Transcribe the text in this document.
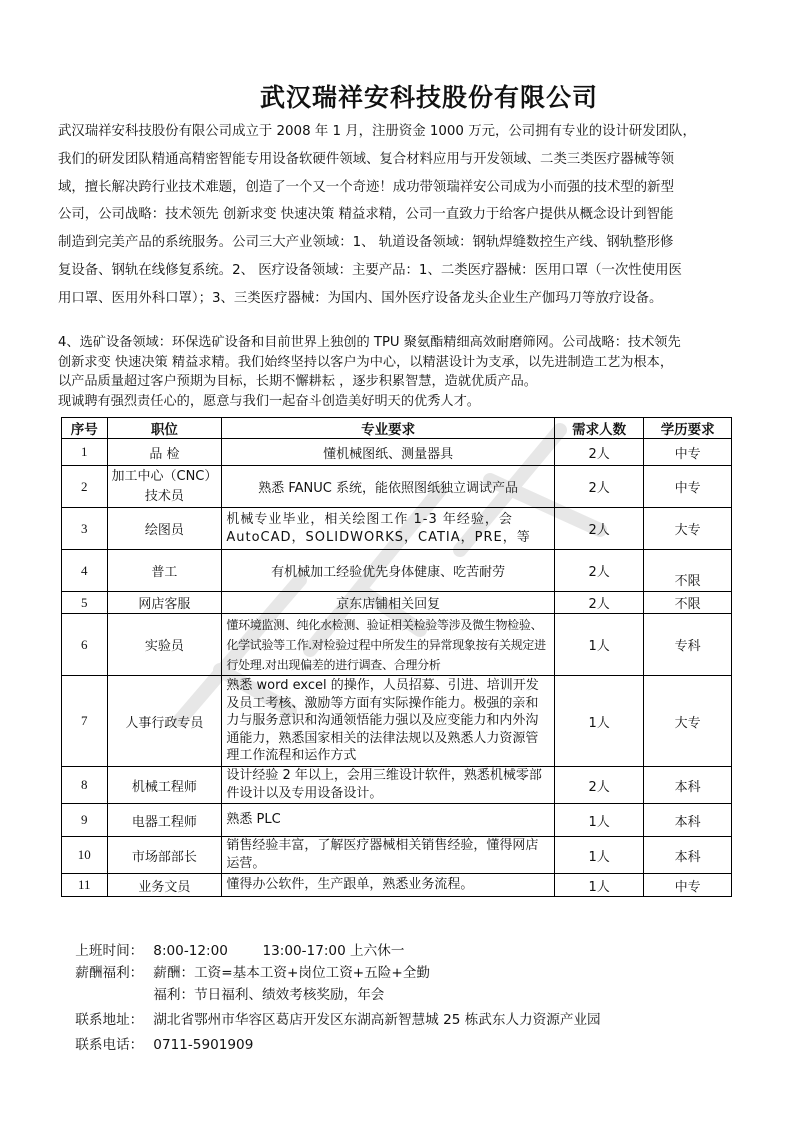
武汉瑞祥安科技股份有限公司

武汉瑞祥安科技股份有限公司成立于 2008 年 1 月，注册资金 1000 万元，公司拥有专业的设计研发团队，

我们的研发团队精通高精密智能专用设备软硬件领域、复合材料应用与开发领域、二类三类医疗器械等领

域，擅长解决跨行业技术难题，创造了一个又一个奇迹！成功带领瑞祥安公司成为小而强的技术型的新型

公司，公司战略：技术领先 创新求变 快速决策 精益求精，公司一直致力于给客户提供从概念设计到智能

制造到完美产品的系统服务。公司三大产业领域：1、 轨道设备领域：钢轨焊缝数控生产线、钢轨整形修

复设备、钢轨在线修复系统。2、 医疗设备领域：主要产品：1、二类医疗器械：医用口罩（一次性使用医

用口罩、医用外科口罩）；3、三类医疗器械：为国内、国外医疗设备龙头企业生产伽玛刀等放疗设备。

4、选矿设备领域：环保选矿设备和目前世界上独创的 TPU 聚氨酯精细高效耐磨筛网。公司战略：技术领先

创新求变 快速决策 精益求精。我们始终坚持以客户为中心，以精湛设计为支承，以先进制造工艺为根本，

以产品质量超过客户预期为目标，长期不懈耕耘 ，逐步积累智慧，造就优质产品。

现诚聘有强烈责任心的，愿意与我们一起奋斗创造美好明天的优秀人才。

序号	职位	专业要求	需求人数	学历要求
1	品 检	懂机械图纸、测量器具	2人	中专
2	加工中心（CNC）技术员	熟悉 FANUC 系统，能依照图纸独立调试产品	2人	中专
3	绘图员	机械专业毕业，相关绘图工作 1-3 年经验，会 AutoCAD，SOLIDWORKS，CATIA，PRE，等	2人	大专
4	普工	有机械加工经验优先身体健康、吃苦耐劳	2人	不限
5	网店客服	京东店铺相关回复	2人	不限
6	实验员	懂环境监测、纯化水检测、验证相关检验等涉及微生物检验、化学试验等工作.对检验过程中所发生的异常现象按有关规定进行处理.对出现偏差的进行调查、合理分析	1人	专科
7	人事行政专员	熟悉 word excel 的操作，人员招募、引进、培训开发及员工考核、激励等方面有实际操作能力。极强的亲和力与服务意识和沟通领悟能力强以及应变能力和内外沟通能力，熟悉国家相关的法律法规以及熟悉人力资源管理工作流程和运作方式	1人	大专
8	机械工程师	设计经验 2 年以上，会用三维设计软件，熟悉机械零部件设计以及专用设备设计。	2人	本科
9	电器工程师	熟悉 PLC	1人	本科
10	市场部部长	销售经验丰富，了解医疗器械相关销售经验，懂得网店运营。	1人	本科
11	业务文员	懂得办公软件，生产跟单，熟悉业务流程。	1人	中专

上班时间： 8:00-12:00        13:00-17:00 上六休一

薪酬福利： 薪酬：工资=基本工资+岗位工资+五险+全勤

福利：节日福利、绩效考核奖励，年会

联系地址： 湖北省鄂州市华容区葛店开发区东湖高新智慧城 25 栋武东人力资源产业园

联系电话： 0711-5901909
